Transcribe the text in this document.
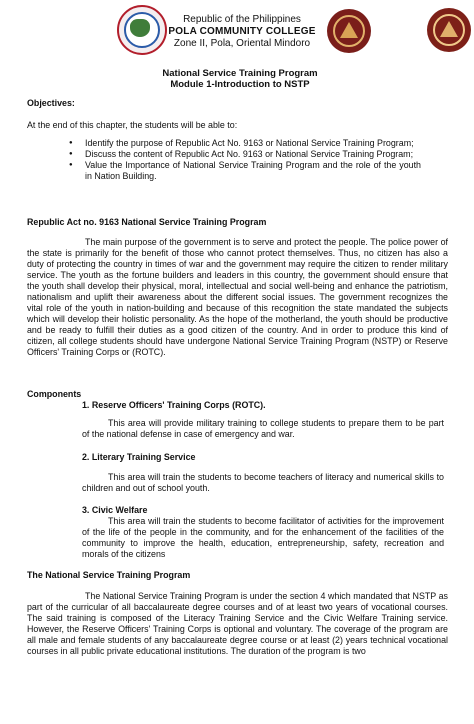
Republic of the Philippines
POLA COMMUNITY COLLEGE
Zone II, Pola, Oriental Mindoro
National Service Training Program
Module 1-Introduction to NSTP
Objectives:
At the end of this chapter, the students will be able to:
● Identify the purpose of Republic Act No. 9163 or National Service Training Program;
● Discuss the content of Republic Act No. 9163 or National Service Training Program;
● Value the Importance of National Service Training Program and the role of the youth in Nation Building.
Republic Act no. 9163 National Service Training Program
The main purpose of the government is to serve and protect the people. The police power of the state is primarily for the benefit of those who cannot protect themselves. Thus, no citizen has also a duty of protecting the country in times of war and the government may require the citizen to render military service. The youth as the fortune builders and leaders in this country, the government should ensure that the youth shall develop their physical, moral, intellectual and social well-being and enhance the patriotism, nationalism and uplift their awareness about the different social issues. The government recognizes the vital role of the youth in nation-building and because of this recognition the state mandated the subjects which will develop their holistic personality. As the hope of the motherland, the youth should be productive and be ready to fulfill their duties as a good citizen of the country. And in order to produce this kind of citizen, all college students should have undergone National Service Training Program (NSTP) or Reserve Officers' Training Corps or (ROTC).
Components
1. Reserve Officers' Training Corps (ROTC).
This area will provide military training to college students to prepare them to be part of the national defense in case of emergency and war.
2. Literary Training Service
This area will train the students to become teachers of literacy and numerical skills to children and out of school youth.
3. Civic Welfare
This area will train the students to become facilitator of activities for the improvement of the life of the people in the community, and for the enhancement of the facilities of the community to improve the health, education, entrepreneurship, safety, recreation and morals of the citizens
The National Service Training Program
The National Service Training Program is under the section 4 which mandated that NSTP as part of the curricular of all baccalaureate degree courses and of at least two years of vocational courses. The said training is composed of the Literacy Training Service and the Civic Welfare Training service. However, the Reserve Officers' Training Corps is optional and voluntary. The coverage of the program are all male and female students of any baccalaureate degree course or at least (2) years technical vocational courses in all public private educational institutions. The duration of the program is two
